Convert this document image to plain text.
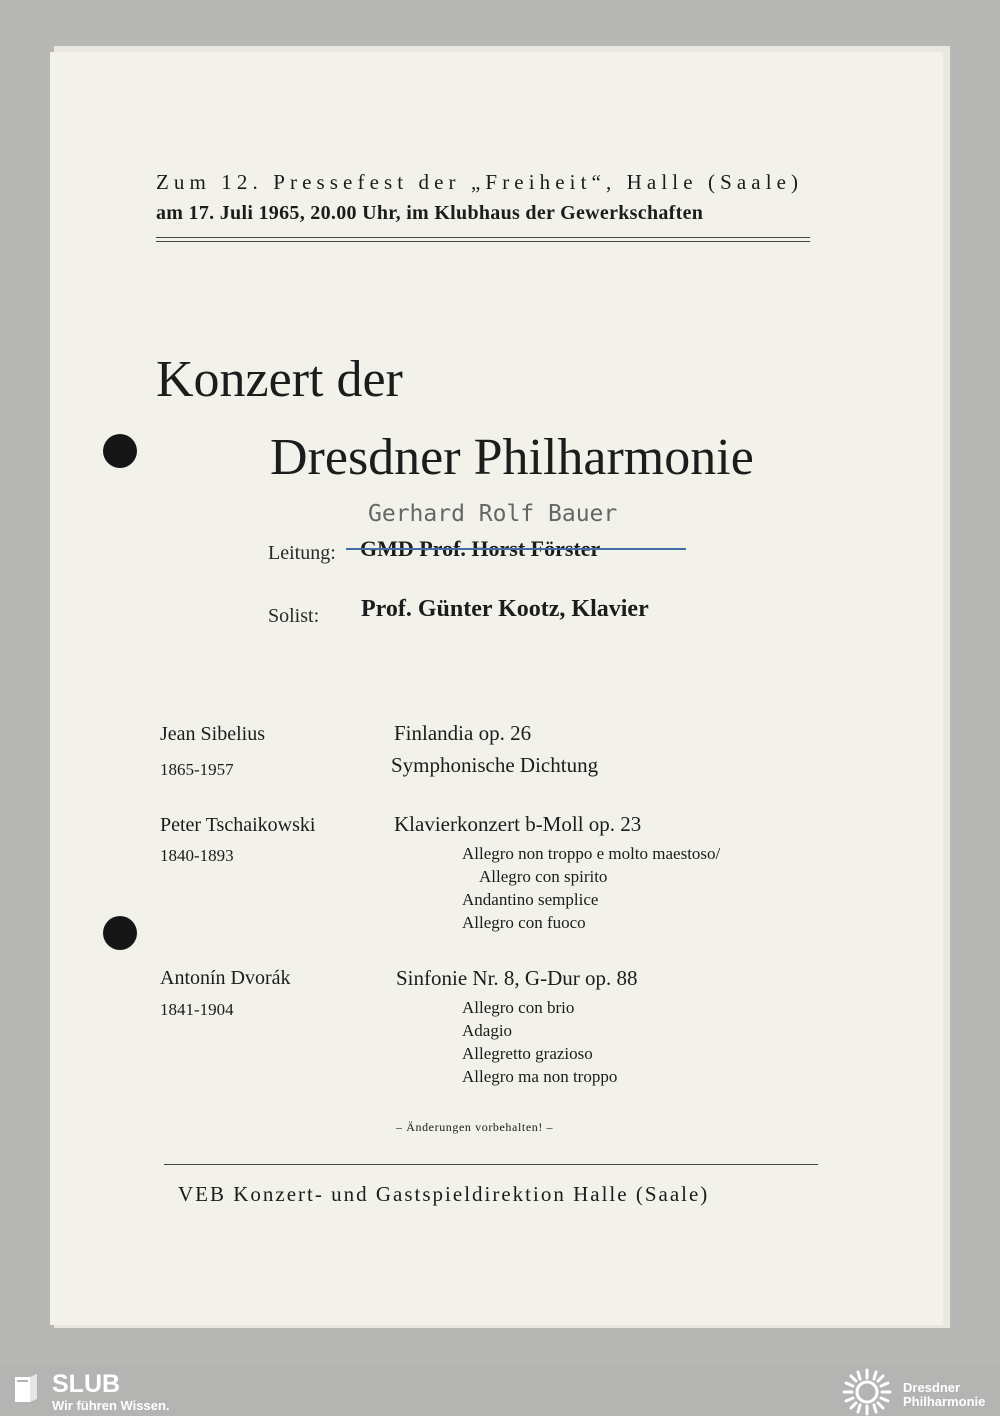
Zum 12. Pressefest der „Freiheit“, Halle (Saale)
am 17. Juli 1965, 20.00 Uhr, im Klubhaus der Gewerkschaften
Konzert der
Dresdner Philharmonie
Gerhard Rolf Bauer
Leitung: GMD Prof. Horst Förster
Solist: Prof. Günter Kootz, Klavier
Jean Sibelius
1865-1957
Finlandia op. 26
Symphonische Dichtung
Peter Tschaikowski
1840-1893
Klavierkonzert b-Moll op. 23
Allegro non troppo e molto maestoso/
Allegro con spirito
Andantino semplice
Allegro con fuoco
Antonín Dvorák
1841-1904
Sinfonie Nr. 8, G-Dur op. 88
Allegro con brio
Adagio
Allegretto grazioso
Allegro ma non troppo
– Änderungen vorbehalten! –
VEB Konzert- und Gastspieldirektion Halle (Saale)
SLUB
Wir führen Wissen.
Dresdner
Philharmonie
